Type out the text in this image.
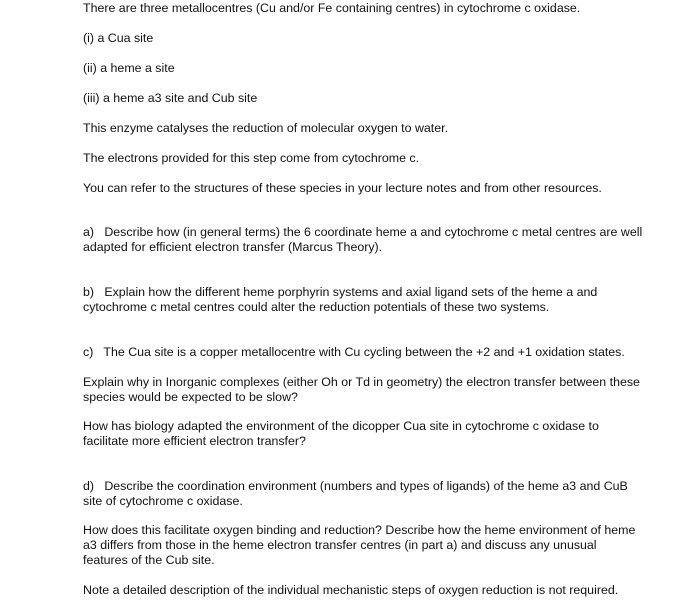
There are three metallocentres (Cu and/or Fe containing centres) in cytochrome c oxidase.

(i) a Cua site

(ii) a heme a site

(iii) a heme a3 site and Cub site

This enzyme catalyses the reduction of molecular oxygen to water.

The electrons provided for this step come from cytochrome c.

You can refer to the structures of these species in your lecture notes and from other resources.

a)   Describe how (in general terms) the 6 coordinate heme a and cytochrome c metal centres are well adapted for efficient electron transfer (Marcus Theory).

b)   Explain how the different heme porphyrin systems and axial ligand sets of the heme a and cytochrome c metal centres could alter the reduction potentials of these two systems.

c)   The Cua site is a copper metallocentre with Cu cycling between the +2 and +1 oxidation states.

Explain why in Inorganic complexes (either Oh or Td in geometry) the electron transfer between these species would be expected to be slow?

How has biology adapted the environment of the dicopper Cua site in cytochrome c oxidase to facilitate more efficient electron transfer?

d)   Describe the coordination environment (numbers and types of ligands) of the heme a3 and CuB site of cytochrome c oxidase.

How does this facilitate oxygen binding and reduction? Describe how the heme environment of heme a3 differs from those in the heme electron transfer centres (in part a) and discuss any unusual features of the Cub site.

Note a detailed description of the individual mechanistic steps of oxygen reduction is not required.
